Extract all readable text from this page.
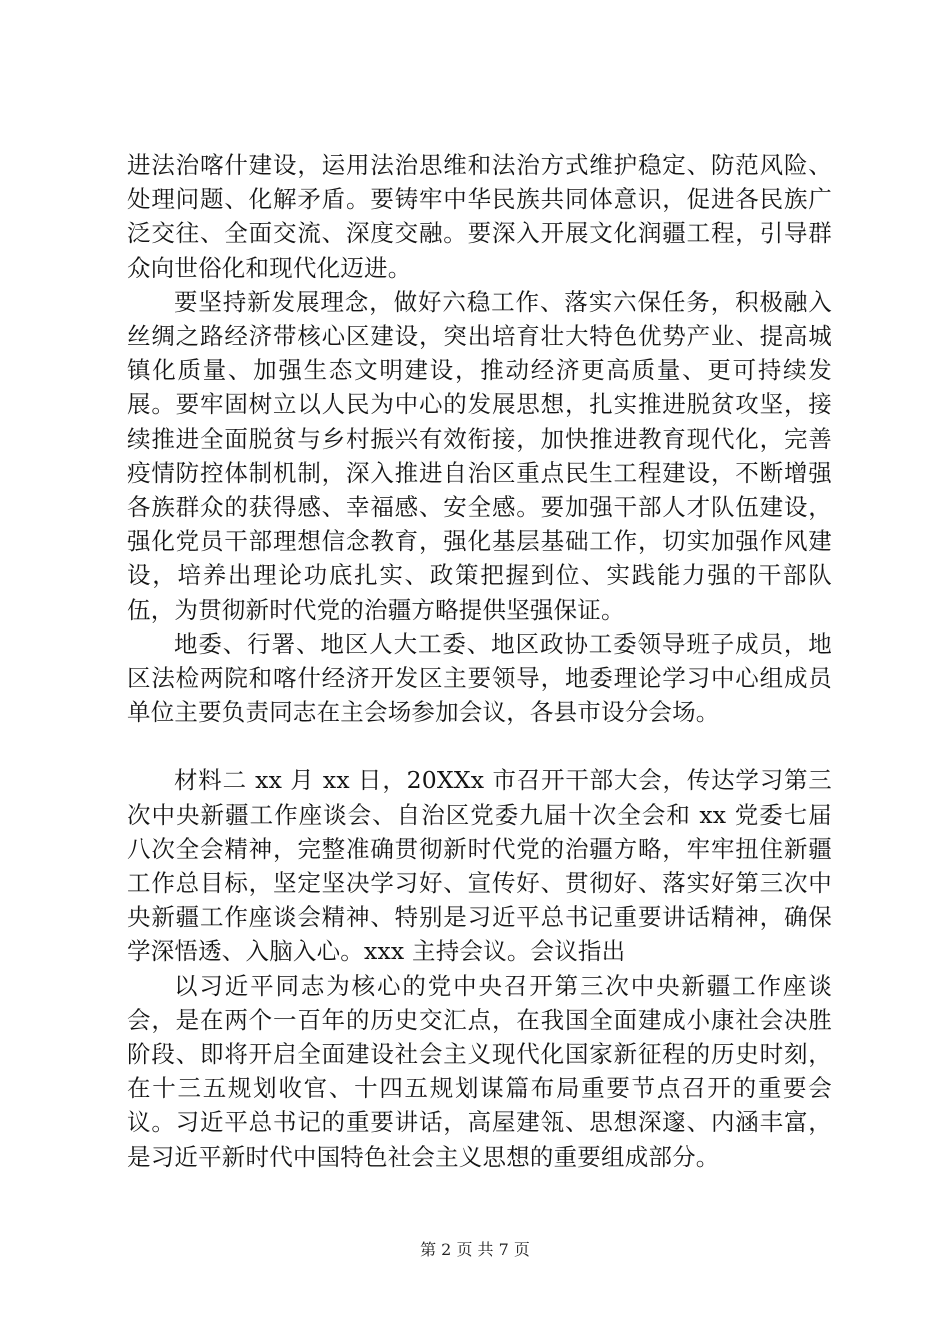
进法治喀什建设，运用法治思维和法治方式维护稳定、防范风险、处理问题、化解矛盾。要铸牢中华民族共同体意识，促进各民族广泛交往、全面交流、深度交融。要深入开展文化润疆工程，引导群众向世俗化和现代化迈进。

要坚持新发展理念，做好六稳工作、落实六保任务，积极融入丝绸之路经济带核心区建设，突出培育壮大特色优势产业、提高城镇化质量、加强生态文明建设，推动经济更高质量、更可持续发展。要牢固树立以人民为中心的发展思想，扎实推进脱贫攻坚，接续推进全面脱贫与乡村振兴有效衔接，加快推进教育现代化，完善疫情防控体制机制，深入推进自治区重点民生工程建设，不断增强各族群众的获得感、幸福感、安全感。要加强干部人才队伍建设，强化党员干部理想信念教育，强化基层基础工作，切实加强作风建设，培养出理论功底扎实、政策把握到位、实践能力强的干部队伍，为贯彻新时代党的治疆方略提供坚强保证。

地委、行署、地区人大工委、地区政协工委领导班子成员，地区法检两院和喀什经济开发区主要领导，地委理论学习中心组成员单位主要负责同志在主会场参加会议，各县市设分会场。

材料二 xx 月 xx 日，20XXx 市召开干部大会，传达学习第三次中央新疆工作座谈会、自治区党委九届十次全会和 xx 党委七届八次全会精神，完整准确贯彻新时代党的治疆方略，牢牢扭住新疆工作总目标，坚定坚决学习好、宣传好、贯彻好、落实好第三次中央新疆工作座谈会精神、特别是习近平总书记重要讲话精神，确保学深悟透、入脑入心。xxx 主持会议。会议指出

以习近平同志为核心的党中央召开第三次中央新疆工作座谈会，是在两个一百年的历史交汇点，在我国全面建成小康社会决胜阶段、即将开启全面建设社会主义现代化国家新征程的历史时刻，在十三五规划收官、十四五规划谋篇布局重要节点召开的重要会议。习近平总书记的重要讲话，高屋建瓴、思想深邃、内涵丰富，是习近平新时代中国特色社会主义思想的重要组成部分。

第 2 页 共 7 页
